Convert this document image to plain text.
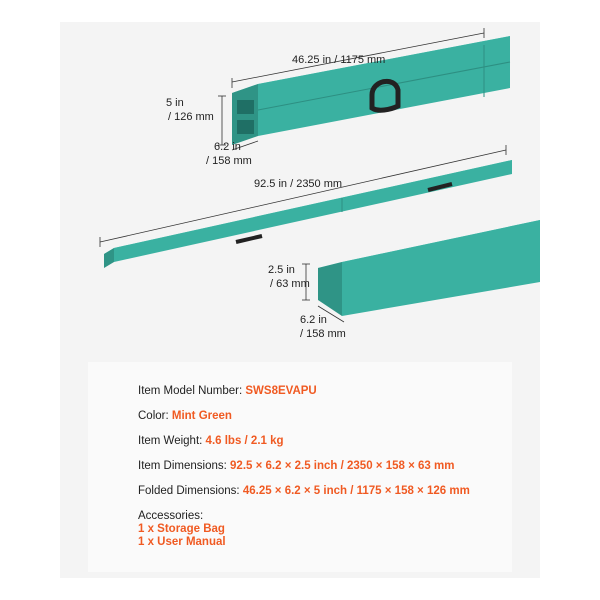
46.25 in / 1175 mm
5 in
/ 126 mm
6.2 in
/ 158 mm
92.5 in / 2350 mm
2.5 in
/ 63 mm
6.2 in
/ 158 mm
Item Model Number: SWS8EVAPU
Color: Mint Green
Item Weight: 4.6 lbs / 2.1 kg
Item Dimensions: 92.5 × 6.2 × 2.5 inch / 2350 × 158 × 63 mm
Folded Dimensions: 46.25 × 6.2 × 5 inch / 1175 × 158 × 126 mm
Accessories:
1 x Storage Bag
1 x User Manual
